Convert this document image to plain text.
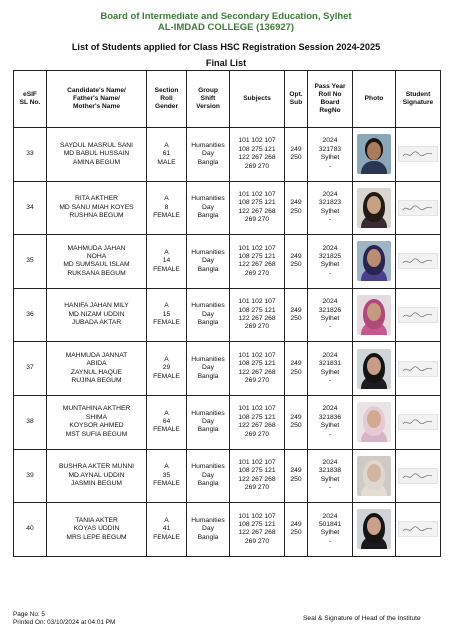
Board of Intermediate and Secondary Education, Sylhet
AL-IMDAD COLLEGE (136927)
List of Students applied for Class HSC Registration Session 2024-2025
Final List
eSIF
SL No.	Candidate's Name/
Father's Name/
Mother's Name	Section
Roll
Gender	Group
Shift
Version	Subjects	Opt.
Sub	Pass Year
Roll No
Board
RegNo	Photo	Student
Signature

33	SAYDUL MASRUL SANI
MD BABUL HUSSAIN
AMINA BEGUM	A
61
MALE	Humanities
Day
Bangla	101 102 107
108 275 121
122 267 268
269 270	249
250	2024
321783
Sylhet
-

34	RITA AKTHER
MD SANU MIAH KOYES
RUSHNA BEGUM	A
8
FEMALE	Humanities
Day
Bangla	101 102 107
108 275 121
122 267 268
269 270	249
250	2024
321823
Sylhet
-

35	MAHMUDA JAHAN
NOHA
MD SUMSAUL ISLAM
RUKSANA BEGUM	A
14
FEMALE	Humanities
Day
Bangla	101 102 107
108 275 121
122 267 268
269 270	249
250	2024
321825
Sylhet
-

36	HANIFA JAHAN MILY
MD NIZAM UDDIN
JUBADA AKTAR	A
15
FEMALE	Humanities
Day
Bangla	101 102 107
108 275 121
122 267 268
269 270	249
250	2024
321826
Sylhet
-

37	MAHMUDA JANNAT
ABIDA
ZAYNUL HAQUE
RUJINA BEGUM	A
29
FEMALE	Humanities
Day
Bangla	101 102 107
108 275 121
122 267 268
269 270	249
250	2024
321831
Sylhet
-

38	MUNTAHINA AKTHER
SHIMA
KOYSOR AHMED
MST SUFIA BEGUM	A
64
FEMALE	Humanities
Day
Bangla	101 102 107
108 275 121
122 267 268
269 270	249
250	2024
321836
Sylhet
-

39	BUSHRA AKTER MUNNI
MD AYNAL UDDIN
JASMIN BEGUM	A
35
FEMALE	Humanities
Day
Bangla	101 102 107
108 275 121
122 267 268
269 270	249
250	2024
321838
Sylhet
-

40	TANIA AKTER
KOYAS UDDIN
MRS LEPE BEGUM	A
41
FEMALE	Humanities
Day
Bangla	101 102 107
108 275 121
122 267 268
269 270	249
250	2024
501841
Sylhet
-

Page No: 5
Printed On: 03/10/2024 at 04:01 PM
Seal & Signature of Head of the Institute
